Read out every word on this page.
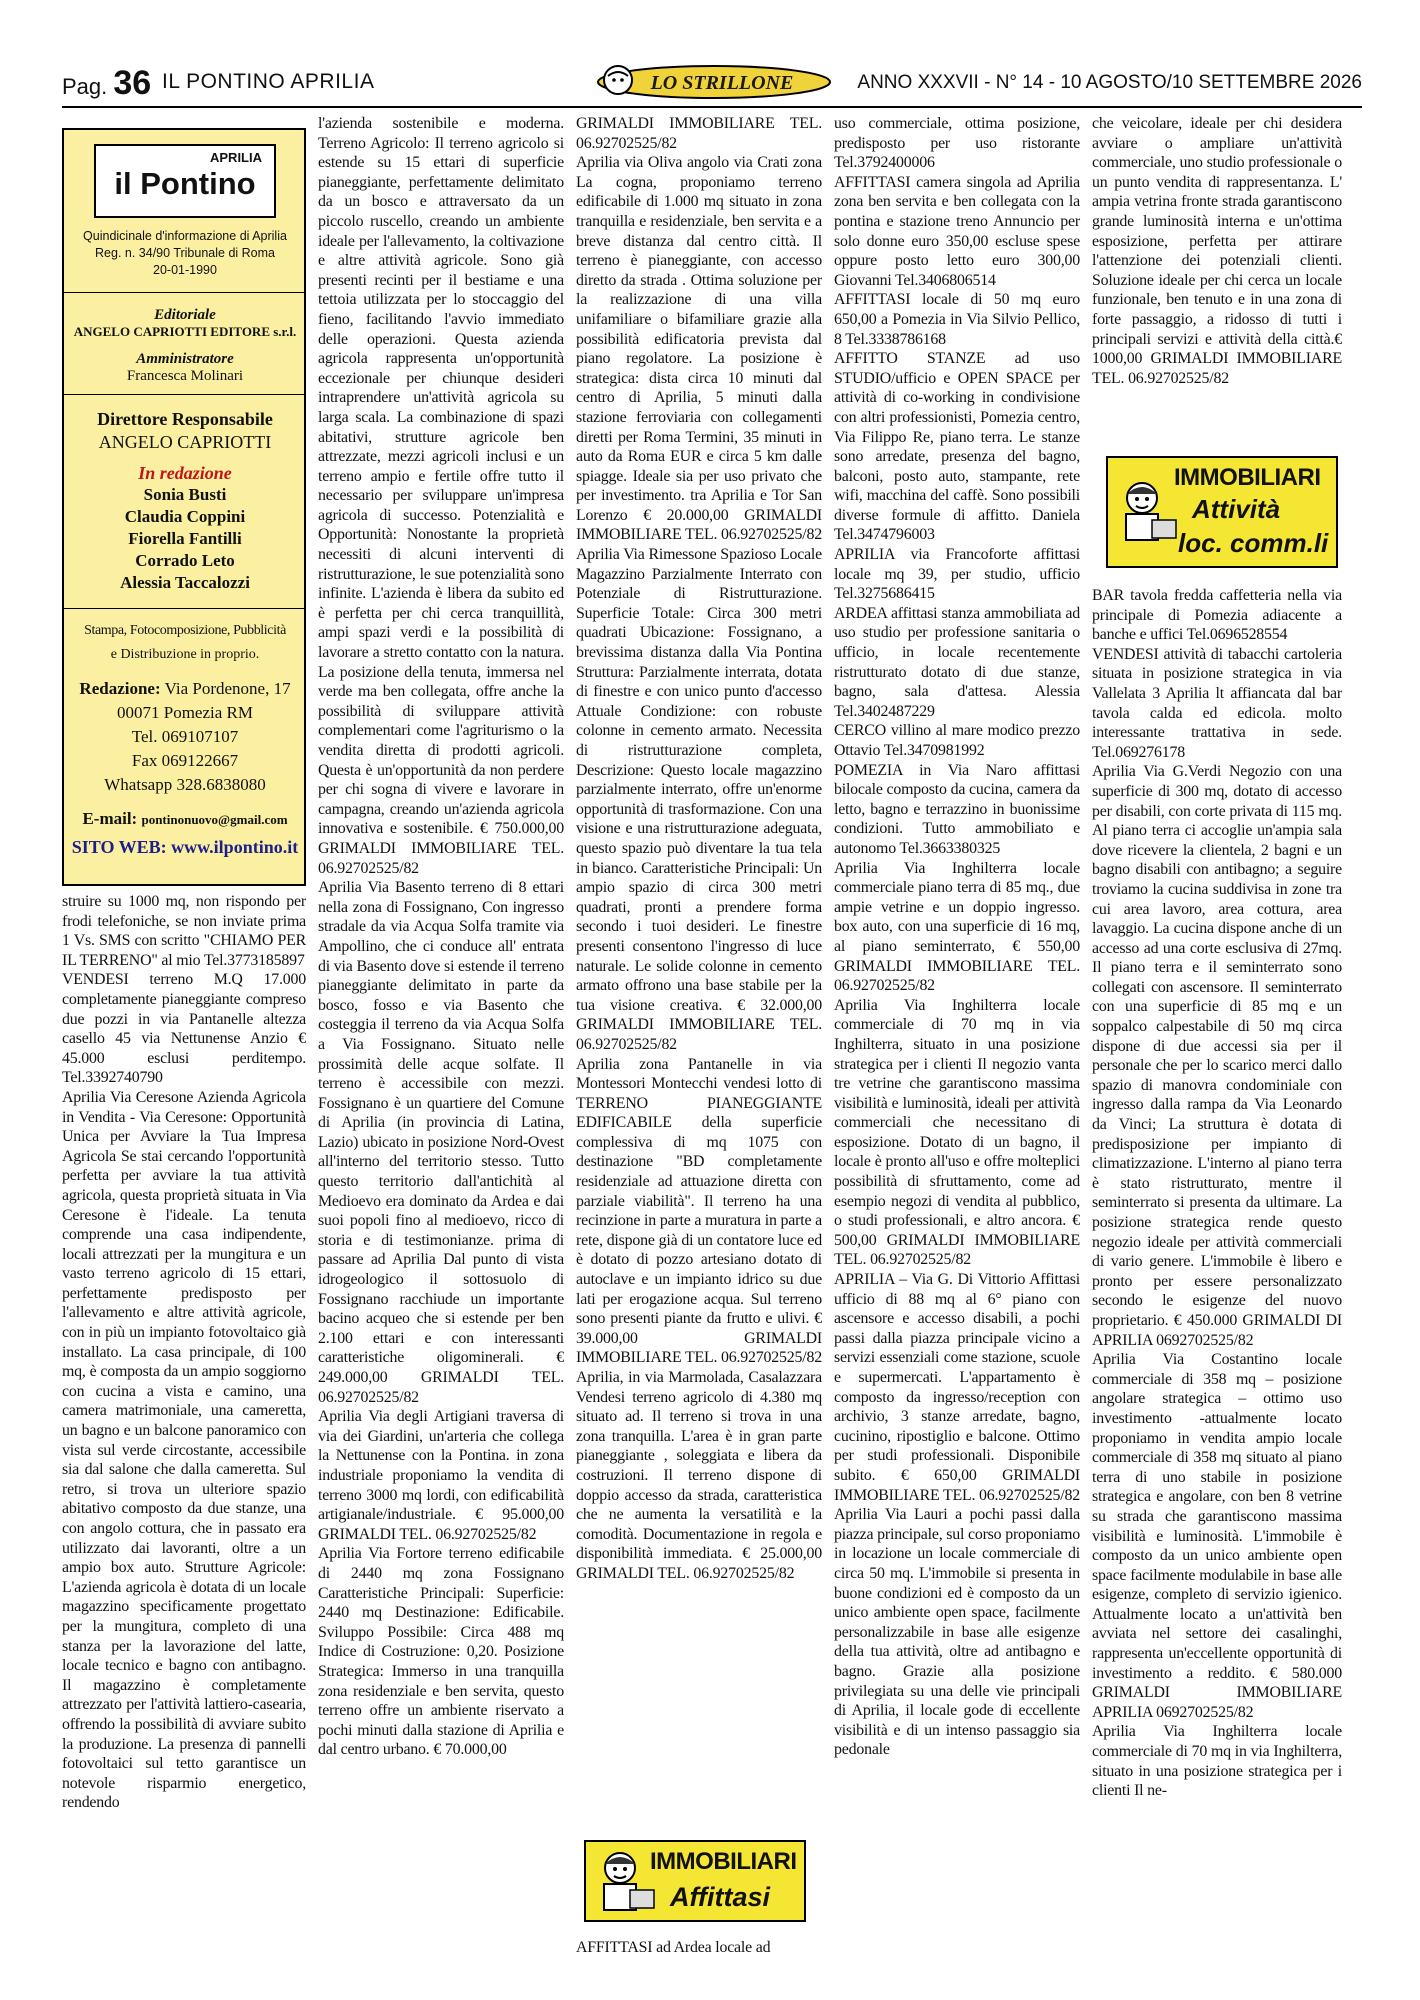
Pag. 36 IL PONTINO APRILIA	LO STRILLONE	ANNO XXXVII - N° 14 - 10 AGOSTO/10 SETTEMBRE 2026
APRILIA
il Pontino
Quindicinale d'informazione di Aprilia
Reg. n. 34/90 Tribunale di Roma
20-01-1990
Editoriale
ANGELO CAPRIOTTI EDITORE s.r.l.
Amministratore
Francesca Molinari
Direttore Responsabile
ANGELO CAPRIOTTI
In redazione
Sonia Busti
Claudia Coppini
Fiorella Fantilli
Corrado Leto
Alessia Taccalozzi
Stampa, Fotocomposizione, Pubblicità
e Distribuzione in proprio.
Redazione: Via Pordenone, 17
00071 Pomezia RM
Tel. 069107107
Fax 069122667
Whatsapp 328.6838080
E-mail: pontinonuovo@gmail.com
SITO WEB: www.ilpontino.it
struire su 1000 mq, non rispondo per frodi telefoniche, se non inviate prima 1 Vs. SMS con scritto "CHIAMO PER IL TERRENO" al mio Tel.3773185897
VENDESI terreno M.Q 17.000 completamente pianeggiante compreso due pozzi in via Pantanelle altezza casello 45 via Nettunense Anzio € 45.000 esclusi perditempo. Tel.3392740790
Aprilia Via Ceresone Azienda Agricola in Vendita - Via Ceresone: Opportunità Unica per Avviare la Tua Impresa Agricola Se stai cercando l'opportunità perfetta per avviare la tua attività agricola, questa proprietà situata in Via Ceresone è l'ideale. La tenuta comprende una casa indipendente, locali attrezzati per la mungitura e un vasto terreno agricolo di 15 ettari, perfettamente predisposto per l'allevamento e altre attività agricole, con in più un impianto fotovoltaico già installato. La casa principale, di 100 mq, è composta da un ampio soggiorno con cucina a vista e camino, una camera matrimoniale, una cameretta, un bagno e un balcone panoramico con vista sul verde circostante, accessibile sia dal salone che dalla cameretta. Sul retro, si trova un ulteriore spazio abitativo composto da due stanze, una con angolo cottura, che in passato era utilizzato dai lavoranti, oltre a un ampio box auto. Strutture Agricole: L'azienda agricola è dotata di un locale magazzino specificamente progettato per la mungitura, completo di una stanza per la lavorazione del latte, locale tecnico e bagno con antibagno. Il magazzino è completamente attrezzato per l'attività lattiero-casearia, offrendo la possibilità di avviare subito la produzione. La presenza di pannelli fotovoltaici sul tetto garantisce un notevole risparmio energetico, rendendo
l'azienda sostenibile e moderna. Terreno Agricolo: Il terreno agricolo si estende su 15 ettari di superficie pianeggiante, perfettamente delimitato da un bosco e attraversato da un piccolo ruscello, creando un ambiente ideale per l'allevamento, la coltivazione e altre attività agricole. Sono già presenti recinti per il bestiame e una tettoia utilizzata per lo stoccaggio del fieno, facilitando l'avvio immediato delle operazioni. Questa azienda agricola rappresenta un'opportunità eccezionale per chiunque desideri intraprendere un'attività agricola su larga scala. La combinazione di spazi abitativi, strutture agricole ben attrezzate, mezzi agricoli inclusi e un terreno ampio e fertile offre tutto il necessario per sviluppare un'impresa agricola di successo. Potenzialità e Opportunità: Nonostante la proprietà necessiti di alcuni interventi di ristrutturazione, le sue potenzialità sono infinite. L'azienda è libera da subito ed è perfetta per chi cerca tranquillità, ampi spazi verdi e la possibilità di lavorare a stretto contatto con la natura. La posizione della tenuta, immersa nel verde ma ben collegata, offre anche la possibilità di sviluppare attività complementari come l'agriturismo o la vendita diretta di prodotti agricoli. Questa è un'opportunità da non perdere per chi sogna di vivere e lavorare in campagna, creando un'azienda agricola innovativa e sostenibile. € 750.000,00 GRIMALDI IMMOBILIARE TEL. 06.92702525/82
Aprilia Via Basento terreno di 8 ettari nella zona di Fossignano, Con ingresso stradale da via Acqua Solfa tramite via Ampollino, che ci conduce all' entrata di via Basento dove si estende il terreno pianeggiante delimitato in parte da bosco, fosso e via Basento che costeggia il terreno da via Acqua Solfa a Via Fossignano. Situato nelle prossimità delle acque solfate. Il terreno è accessibile con mezzi. Fossignano è un quartiere del Comune di Aprilia (in provincia di Latina, Lazio) ubicato in posizione Nord-Ovest all'interno del territorio stesso. Tutto questo territorio dall'antichità al Medioevo era dominato da Ardea e dai suoi popoli fino al medioevo, ricco di storia e di testimonianze. prima di passare ad Aprilia Dal punto di vista idrogeologico il sottosuolo di Fossignano racchiude un importante bacino acqueo che si estende per ben 2.100 ettari e con interessanti caratteristiche oligominerali. € 249.000,00 GRIMALDI TEL. 06.92702525/82
Aprilia Via degli Artigiani traversa di via dei Giardini, un'arteria che collega la Nettunense con la Pontina. in zona industriale proponiamo la vendita di terreno 3000 mq lordi, con edificabilità artigianale/industriale. € 95.000,00 GRIMALDI TEL. 06.92702525/82
Aprilia Via Fortore terreno edificabile di 2440 mq zona Fossignano Caratteristiche Principali: Superficie: 2440 mq Destinazione: Edificabile. Sviluppo Possibile: Circa 488 mq Indice di Costruzione: 0,20. Posizione Strategica: Immerso in una tranquilla zona residenziale e ben servita, questo terreno offre un ambiente riservato a pochi minuti dalla stazione di Aprilia e dal centro urbano. € 70.000,00
GRIMALDI IMMOBILIARE TEL. 06.92702525/82
Aprilia via Oliva angolo via Crati zona La cogna, proponiamo terreno edificabile di 1.000 mq situato in zona tranquilla e residenziale, ben servita e a breve distanza dal centro città. Il terreno è pianeggiante, con accesso diretto da strada . Ottima soluzione per la realizzazione di una villa unifamiliare o bifamiliare grazie alla possibilità edificatoria prevista dal piano regolatore. La posizione è strategica: dista circa 10 minuti dal centro di Aprilia, 5 minuti dalla stazione ferroviaria con collegamenti diretti per Roma Termini, 35 minuti in auto da Roma EUR e circa 5 km dalle spiagge. Ideale sia per uso privato che per investimento. tra Aprilia e Tor San Lorenzo € 20.000,00 GRIMALDI IMMOBILIARE TEL. 06.92702525/82
Aprilia Via Rimessone Spazioso Locale Magazzino Parzialmente Interrato con Potenziale di Ristrutturazione. Superficie Totale: Circa 300 metri quadrati Ubicazione: Fossignano, a brevissima distanza dalla Via Pontina Struttura: Parzialmente interrata, dotata di finestre e con unico punto d'accesso Attuale Condizione: con robuste colonne in cemento armato. Necessita di ristrutturazione completa, Descrizione: Questo locale magazzino parzialmente interrato, offre un'enorme opportunità di trasformazione. Con una visione e una ristrutturazione adeguata, questo spazio può diventare la tua tela in bianco. Caratteristiche Principali: Un ampio spazio di circa 300 metri quadrati, pronti a prendere forma secondo i tuoi desideri. Le finestre presenti consentono l'ingresso di luce naturale. Le solide colonne in cemento armato offrono una base stabile per la tua visione creativa. € 32.000,00 GRIMALDI IMMOBILIARE TEL. 06.92702525/82
Aprilia zona Pantanelle in via Montessori Montecchi vendesi lotto di TERRENO PIANEGGIANTE EDIFICABILE della superficie complessiva di mq 1075 con destinazione "BD completamente residenziale ad attuazione diretta con parziale viabilità". Il terreno ha una recinzione in parte a muratura in parte a rete, dispone già di un contatore luce ed è dotato di pozzo artesiano dotato di autoclave e un impianto idrico su due lati per erogazione acqua. Sul terreno sono presenti piante da frutto e ulivi. € 39.000,00 GRIMALDI IMMOBILIARE TEL. 06.92702525/82
Aprilia, in via Marmolada, Casalazzara Vendesi terreno agricolo di 4.380 mq situato ad. Il terreno si trova in una zona tranquilla. L'area è in gran parte pianeggiante , soleggiata e libera da costruzioni. Il terreno dispone di doppio accesso da strada, caratteristica che ne aumenta la versatilità e la comodità. Documentazione in regola e disponibilità immediata. € 25.000,00 GRIMALDI TEL. 06.92702525/82
IMMOBILIARI
Affittasi
AFFITTASI ad Ardea locale ad
uso commerciale, ottima posizione, predisposto per uso ristorante Tel.3792400006
AFFITTASI camera singola ad Aprilia zona ben servita e ben collegata con la pontina e stazione treno Annuncio per solo donne euro 350,00 escluse spese oppure posto letto euro 300,00 Giovanni Tel.3406806514
AFFITTASI locale di 50 mq euro 650,00 a Pomezia in Via Silvio Pellico, 8 Tel.3338786168
AFFITTO STANZE ad uso STUDIO/ufficio e OPEN SPACE per attività di co-working in condivisione con altri professionisti, Pomezia centro, Via Filippo Re, piano terra. Le stanze sono arredate, presenza del bagno, balconi, posto auto, stampante, rete wifi, macchina del caffè. Sono possibili diverse formule di affitto. Daniela Tel.3474796003
APRILIA via Francoforte affittasi locale mq 39, per studio, ufficio Tel.3275686415
ARDEA affittasi stanza ammobiliata ad uso studio per professione sanitaria o ufficio, in locale recentemente ristrutturato dotato di due stanze, bagno, sala d'attesa. Alessia Tel.3402487229
CERCO villino al mare modico prezzo Ottavio Tel.3470981992
POMEZIA in Via Naro affittasi bilocale composto da cucina, camera da letto, bagno e terrazzino in buonissime condizioni. Tutto ammobiliato e autonomo Tel.3663380325
Aprilia Via Inghilterra locale commerciale piano terra di 85 mq., due ampie vetrine e un doppio ingresso. box auto, con una superficie di 16 mq, al piano seminterrato, € 550,00 GRIMALDI IMMOBILIARE TEL. 06.92702525/82
Aprilia Via Inghilterra locale commerciale di 70 mq in via Inghilterra, situato in una posizione strategica per i clienti Il negozio vanta tre vetrine che garantiscono massima visibilità e luminosità, ideali per attività commerciali che necessitano di esposizione. Dotato di un bagno, il locale è pronto all'uso e offre molteplici possibilità di sfruttamento, come ad esempio negozi di vendita al pubblico, o studi professionali, e altro ancora. € 500,00 GRIMALDI IMMOBILIARE TEL. 06.92702525/82
APRILIA – Via G. Di Vittorio Affittasi ufficio di 88 mq al 6° piano con ascensore e accesso disabili, a pochi passi dalla piazza principale vicino a servizi essenziali come stazione, scuole e supermercati. L'appartamento è composto da ingresso/reception con archivio, 3 stanze arredate, bagno, cucinino, ripostiglio e balcone. Ottimo per studi professionali. Disponibile subito. € 650,00 GRIMALDI IMMOBILIARE TEL. 06.92702525/82
Aprilia Via Lauri a pochi passi dalla piazza principale, sul corso proponiamo in locazione un locale commerciale di circa 50 mq. L'immobile si presenta in buone condizioni ed è composto da un unico ambiente open space, facilmente personalizzabile in base alle esigenze della tua attività, oltre ad antibagno e bagno. Grazie alla posizione privilegiata su una delle vie principali di Aprilia, il locale gode di eccellente visibilità e di un intenso passaggio sia pedonale
che veicolare, ideale per chi desidera avviare o ampliare un'attività commerciale, uno studio professionale o un punto vendita di rappresentanza. L' ampia vetrina fronte strada garantiscono grande luminosità interna e un'ottima esposizione, perfetta per attirare l'attenzione dei potenziali clienti. Soluzione ideale per chi cerca un locale funzionale, ben tenuto e in una zona di forte passaggio, a ridosso di tutti i principali servizi e attività della città.€ 1000,00 GRIMALDI IMMOBILIARE TEL. 06.92702525/82
IMMOBILIARI
Attività
loc. comm.li
BAR tavola fredda caffetteria nella via principale di Pomezia adiacente a banche e uffici Tel.0696528554
VENDESI attività di tabacchi cartoleria situata in posizione strategica in via Vallelata 3 Aprilia lt affiancata dal bar tavola calda ed edicola. molto interessante trattativa in sede. Tel.069276178
Aprilia Via G.Verdi Negozio con una superficie di 300 mq, dotato di accesso per disabili, con corte privata di 115 mq. Al piano terra ci accoglie un'ampia sala dove ricevere la clientela, 2 bagni e un bagno disabili con antibagno; a seguire troviamo la cucina suddivisa in zone tra cui area lavoro, area cottura, area lavaggio. La cucina dispone anche di un accesso ad una corte esclusiva di 27mq. Il piano terra e il seminterrato sono collegati con ascensore. Il seminterrato con una superficie di 85 mq e un soppalco calpestabile di 50 mq circa dispone di due accessi sia per il personale che per lo scarico merci dallo spazio di manovra condominiale con ingresso dalla rampa da Via Leonardo da Vinci; La struttura è dotata di predisposizione per impianto di climatizzazione. L'interno al piano terra è stato ristrutturato, mentre il seminterrato si presenta da ultimare. La posizione strategica rende questo negozio ideale per attività commerciali di vario genere. L'immobile è libero e pronto per essere personalizzato secondo le esigenze del nuovo proprietario. € 450.000 GRIMALDI DI APRILIA 0692702525/82
Aprilia Via Costantino locale commerciale di 358 mq – posizione angolare strategica – ottimo uso investimento -attualmente locato proponiamo in vendita ampio locale commerciale di 358 mq situato al piano terra di uno stabile in posizione strategica e angolare, con ben 8 vetrine su strada che garantiscono massima visibilità e luminosità. L'immobile è composto da un unico ambiente open space facilmente modulabile in base alle esigenze, completo di servizio igienico. Attualmente locato a un'attività ben avviata nel settore dei casalinghi, rappresenta un'eccellente opportunità di investimento a reddito. € 580.000 GRIMALDI IMMOBILIARE APRILIA 0692702525/82
Aprilia Via Inghilterra locale commerciale di 70 mq in via Inghilterra, situato in una posizione strategica per i clienti Il ne-
